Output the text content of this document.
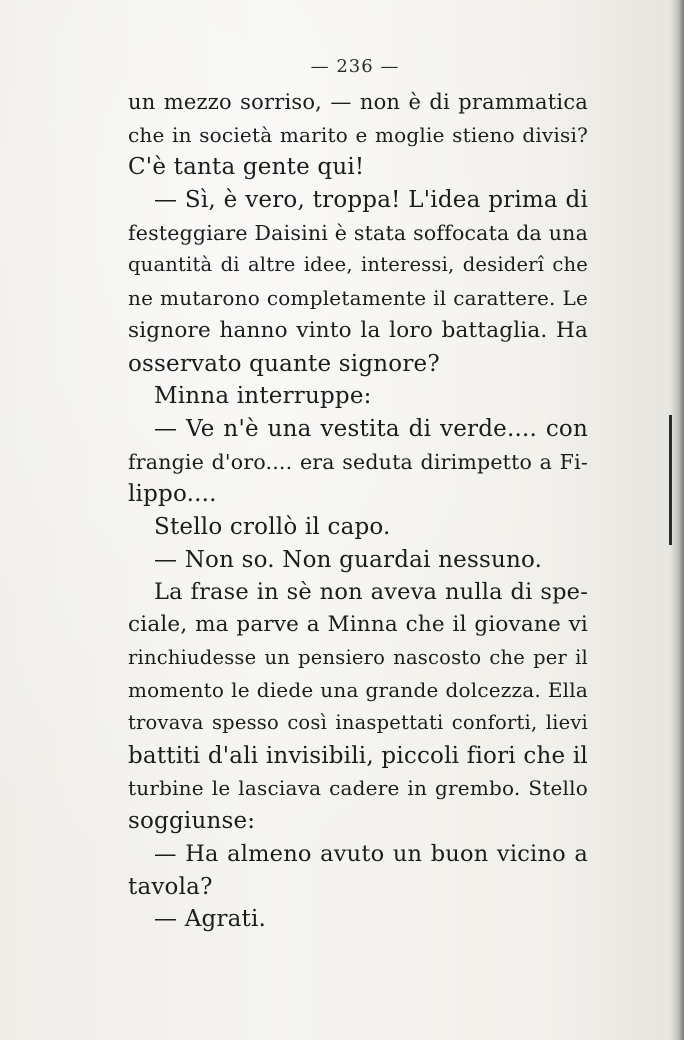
— 236 —
un mezzo sorriso, — non è di prammatica
che in società marito e moglie stieno divisi?
C'è tanta gente qui!
— Sì, è vero, troppa! L'idea prima di
festeggiare Daisini è stata soffocata da una
quantità di altre idee, interessi, desiderî che
ne mutarono completamente il carattere. Le
signore hanno vinto la loro battaglia. Ha
osservato quante signore?
Minna interruppe:
— Ve n'è una vestita di verde.... con
frangie d'oro.... era seduta dirimpetto a Fi-
lippo....
Stello crollò il capo.
— Non so. Non guardai nessuno.
La frase in sè non aveva nulla di spe-
ciale, ma parve a Minna che il giovane vi
rinchiudesse un pensiero nascosto che per il
momento le diede una grande dolcezza. Ella
trovava spesso così inaspettati conforti, lievi
battiti d'ali invisibili, piccoli fiori che il
turbine le lasciava cadere in grembo. Stello
soggiunse:
— Ha almeno avuto un buon vicino a
tavola?
— Agrati.
